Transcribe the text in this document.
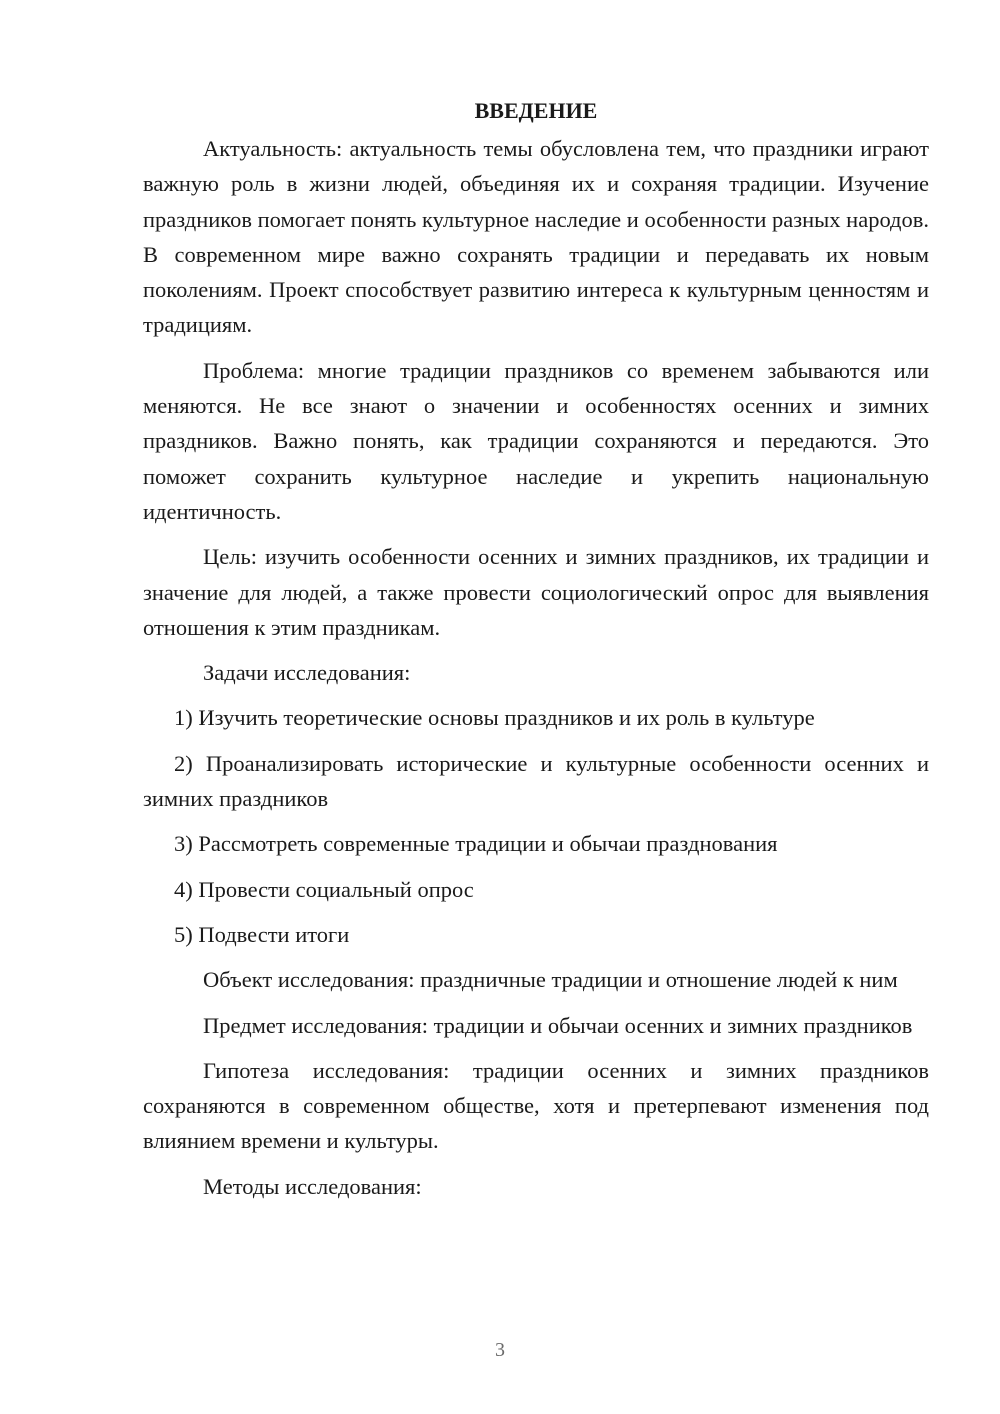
ВВЕДЕНИЕ

Актуальность: актуальность темы обусловлена тем, что праздники играют важную роль в жизни людей, объединяя их и сохраняя традиции. Изучение праздников помогает понять культурное наследие и особенности разных народов. В современном мире важно сохранять традиции и передавать их новым поколениям. Проект способствует развитию интереса к культурным ценностям и традициям.

Проблема: многие традиции праздников со временем забываются или меняются. Не все знают о значении и особенностях осенних и зимних праздников. Важно понять, как традиции сохраняются и передаются. Это поможет сохранить культурное наследие и укрепить национальную идентичность.

Цель: изучить особенности осенних и зимних праздников, их традиции и значение для людей, а также провести социологический опрос для выявления отношения к этим праздникам.

Задачи исследования:

1) Изучить теоретические основы праздников и их роль в культуре

2) Проанализировать исторические и культурные особенности осенних и зимних праздников

3) Рассмотреть современные традиции и обычаи празднования

4) Провести социальный опрос

5) Подвести итоги

Объект исследования: праздничные традиции и отношение людей к ним

Предмет исследования: традиции и обычаи осенних и зимних праздников

Гипотеза исследования: традиции осенних и зимних праздников сохраняются в современном обществе, хотя и претерпевают изменения под влиянием времени и культуры.

Методы исследования:

3
